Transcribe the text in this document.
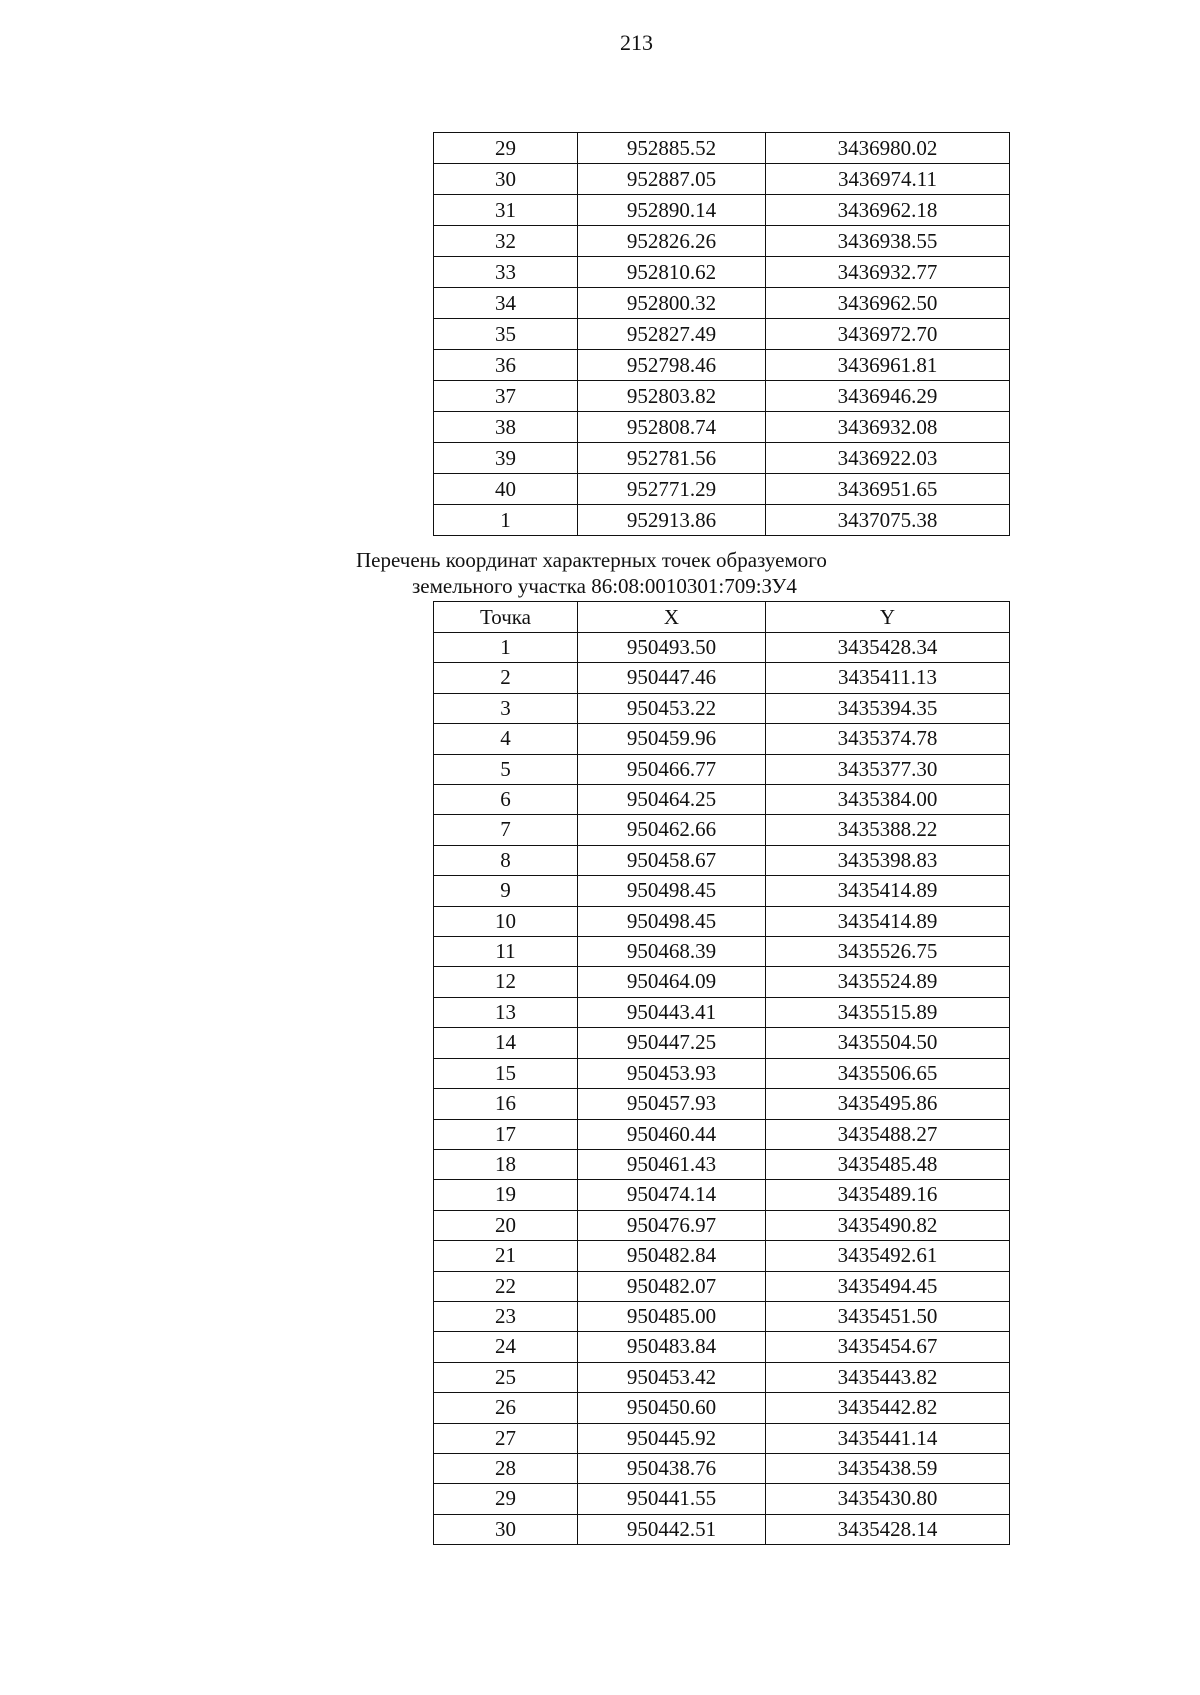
213
29	952885.52	3436980.02
30	952887.05	3436974.11
31	952890.14	3436962.18
32	952826.26	3436938.55
33	952810.62	3436932.77
34	952800.32	3436962.50
35	952827.49	3436972.70
36	952798.46	3436961.81
37	952803.82	3436946.29
38	952808.74	3436932.08
39	952781.56	3436922.03
40	952771.29	3436951.65
1	952913.86	3437075.38
Перечень координат характерных точек образуемого
земельного участка 86:08:0010301:709:ЗУ4
Точка	X	Y
1	950493.50	3435428.34
2	950447.46	3435411.13
3	950453.22	3435394.35
4	950459.96	3435374.78
5	950466.77	3435377.30
6	950464.25	3435384.00
7	950462.66	3435388.22
8	950458.67	3435398.83
9	950498.45	3435414.89
10	950498.45	3435414.89
11	950468.39	3435526.75
12	950464.09	3435524.89
13	950443.41	3435515.89
14	950447.25	3435504.50
15	950453.93	3435506.65
16	950457.93	3435495.86
17	950460.44	3435488.27
18	950461.43	3435485.48
19	950474.14	3435489.16
20	950476.97	3435490.82
21	950482.84	3435492.61
22	950482.07	3435494.45
23	950485.00	3435451.50
24	950483.84	3435454.67
25	950453.42	3435443.82
26	950450.60	3435442.82
27	950445.92	3435441.14
28	950438.76	3435438.59
29	950441.55	3435430.80
30	950442.51	3435428.14
